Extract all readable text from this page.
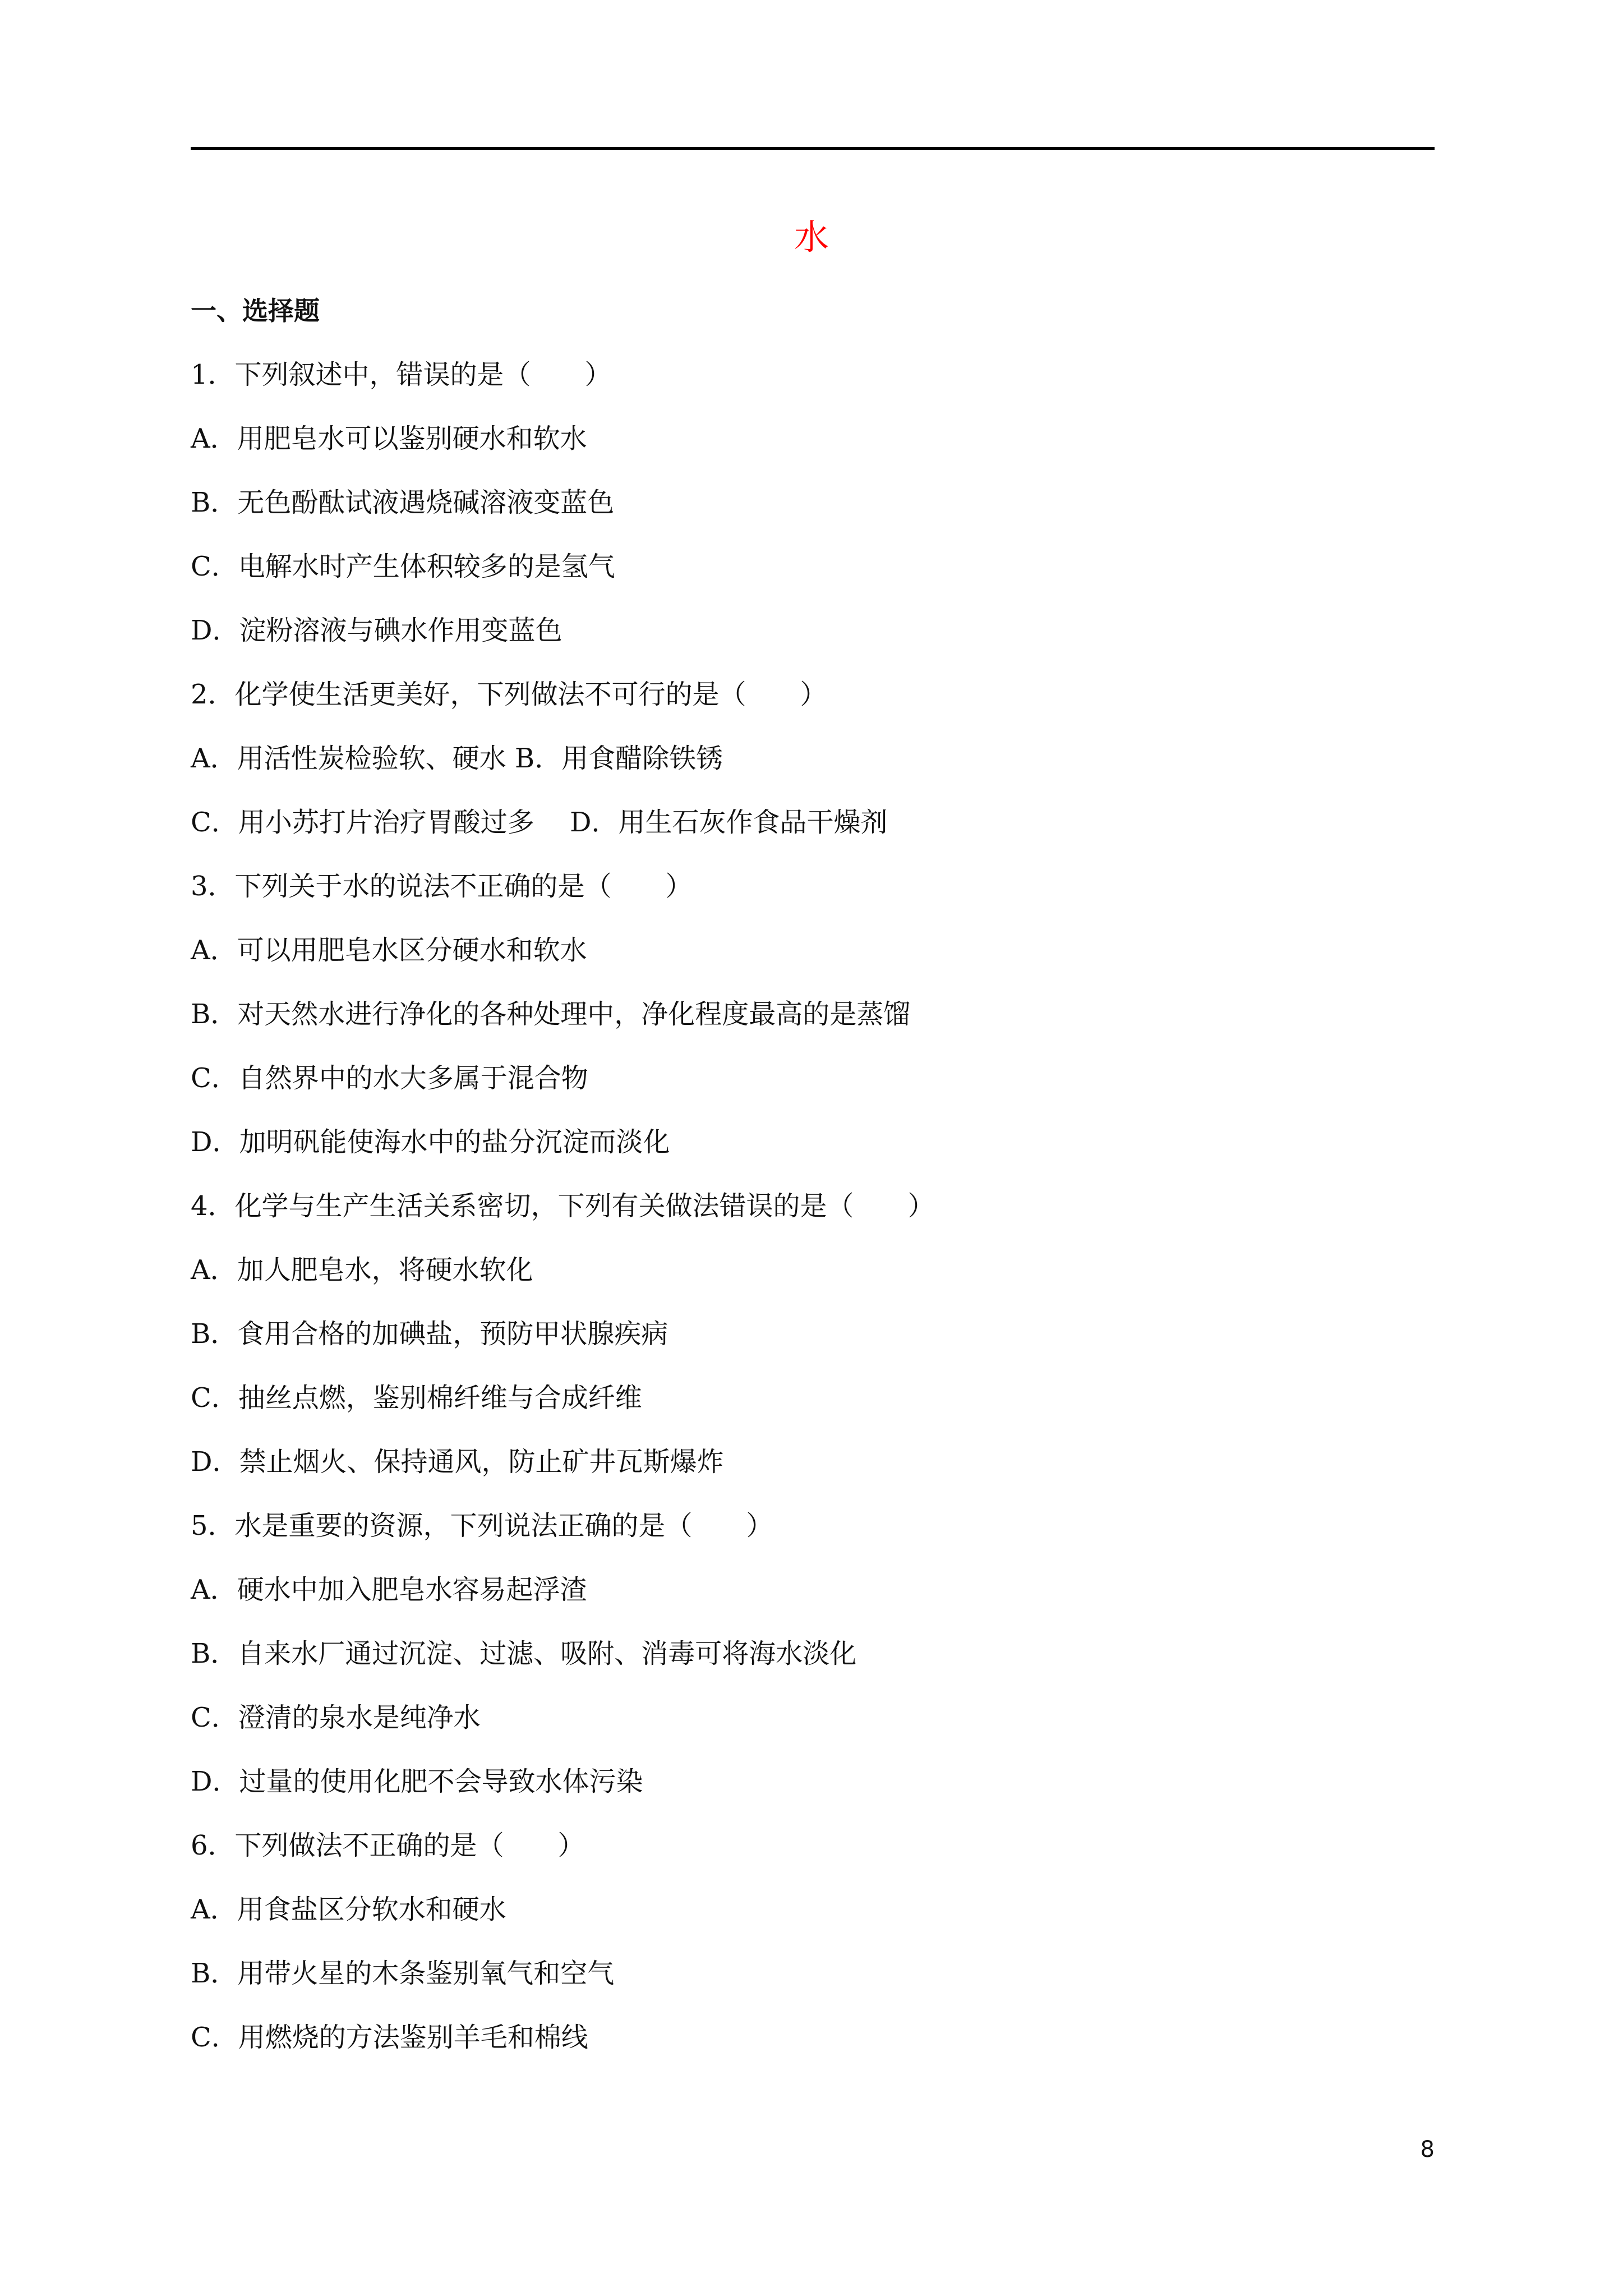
水
一、选择题
1．下列叙述中，错误的是（　　）
A．用肥皂水可以鉴别硬水和软水
B．无色酚酞试液遇烧碱溶液变蓝色
C．电解水时产生体积较多的是氢气
D．淀粉溶液与碘水作用变蓝色
2．化学使生活更美好，下列做法不可行的是（　　）
A．用活性炭检验软、硬水 B．用食醋除铁锈
C．用小苏打片治疗胃酸过多　 D．用生石灰作食品干燥剂
3．下列关于水的说法不正确的是（　　）
A．可以用肥皂水区分硬水和软水
B．对天然水进行净化的各种处理中，净化程度最高的是蒸馏
C．自然界中的水大多属于混合物
D．加明矾能使海水中的盐分沉淀而淡化
4．化学与生产生活关系密切，下列有关做法错误的是（　　）
A．加人肥皂水，将硬水软化
B．食用合格的加碘盐，预防甲状腺疾病
C．抽丝点燃，鉴别棉纤维与合成纤维
D．禁止烟火、保持通风，防止矿井瓦斯爆炸
5．水是重要的资源，下列说法正确的是（　　）
A．硬水中加入肥皂水容易起浮渣
B．自来水厂通过沉淀、过滤、吸附、消毒可将海水淡化
C．澄清的泉水是纯净水
D．过量的使用化肥不会导致水体污染
6．下列做法不正确的是（　　）
A．用食盐区分软水和硬水
B．用带火星的木条鉴别氧气和空气
C．用燃烧的方法鉴别羊毛和棉线
8
